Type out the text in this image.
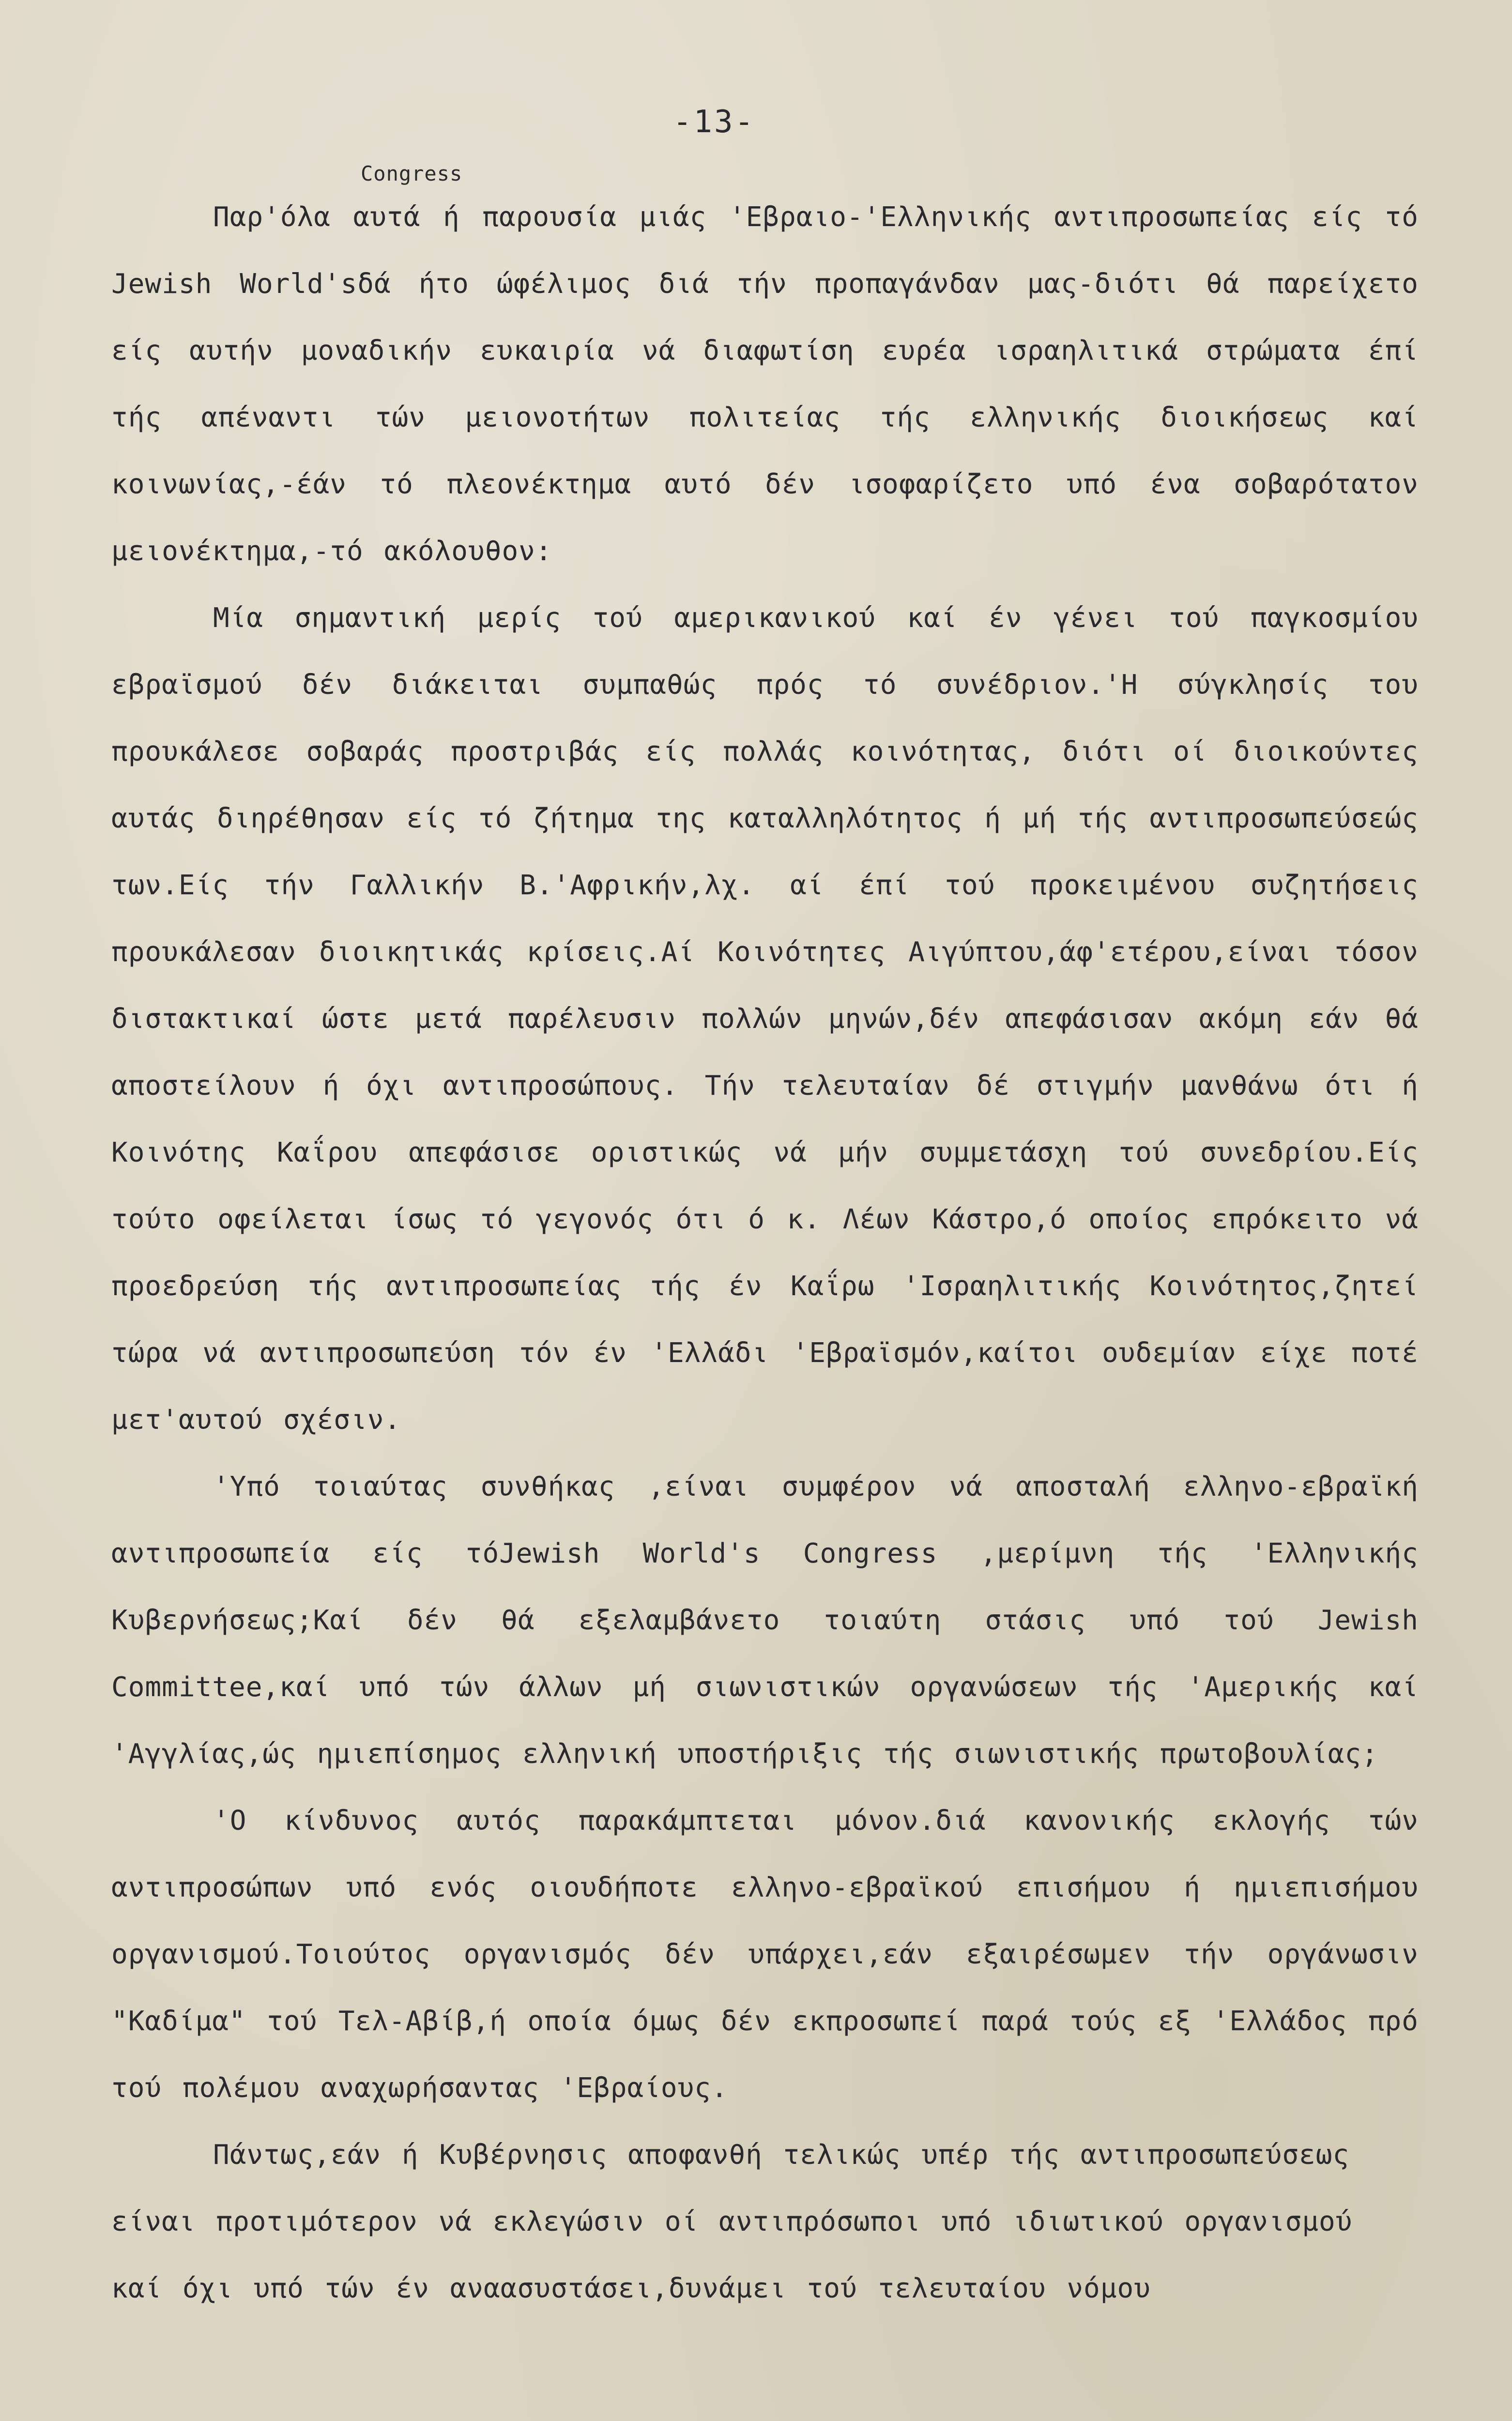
-13-
Congress

Παρ'όλα αυτά ή παρουσία μιάς 'Εβραιο-'Ελληνικής αντιπροσωπείας είς τό Jewish World'sδά ήτο ώφέλιμος διά τήν προπαγάνδαν μας-διότι θά παρείχετο είς αυτήν μοναδικήν ευκαιρία νά διαφωτίση ευρέα ισραηλιτικά στρώματα έπί τής απέναντι τών μειονοτήτων πολιτείας τής ελληνικής διοικήσεως καί κοινωνίας,-έάν τό πλεονέκτημα αυτό δέν ισοφαρίζετο υπό ένα σοβαρότατον μειονέκτημα,-τό ακόλουθον:

Μία σημαντική μερίς τού αμερικανικού καί έν γένει τού παγκοσμίου εβραϊσμού δέν διάκειται συμπαθώς πρός τό συνέδριον.'Η σύγκλησίς του προυκάλεσε σοβαράς προστριβάς είς πολλάς κοινότητας, διότι οί διοικούντες αυτάς διηρέθησαν είς τό ζήτημα της καταλληλότητος ή μή τής αντιπροσωπεύσεώς των.Είς τήν Γαλλικήν Β.'Αφρικήν,λχ. αί έπί τού προκειμένου συζητήσεις προυκάλεσαν διοικητικάς κρίσεις.Αί Κοινότητες Αιγύπτου,άφ'ετέρου,είναι τόσον διστακτικαί ώστε μετά παρέλευσιν πολλών μηνών,δέν απεφάσισαν ακόμη εάν θά αποστείλουν ή όχι αντιπροσώπους. Τήν τελευταίαν δέ στιγμήν μανθάνω ότι ή Κοινότης Καΐρου απεφάσισε οριστικώς νά μήν συμμετάσχη τού συνεδρίου.Είς τούτο οφείλεται ίσως τό γεγονός ότι ό κ. Λέων Κάστρο,ό οποίος επρόκειτο νά προεδρεύση τής αντιπροσωπείας τής έν Καΐρω 'Ισραηλιτικής Κοινότητος,ζητεί τώρα νά αντιπροσωπεύση τόν έν 'Ελλάδι 'Εβραϊσμόν,καίτοι ουδεμίαν είχε ποτέ μετ'αυτού σχέσιν.

'Υπό τοιαύτας συνθήκας ,είναι συμφέρον νά αποσταλή ελληνο-εβραϊκή αντιπροσωπεία είς τόJewish World's Congress ,μερίμνη τής 'Ελληνικής Κυβερνήσεως;Καί δέν θά εξελαμβάνετο τοιαύτη στάσις υπό τού Jewish Committee,καί υπό τών άλλων μή σιωνιστικών οργανώσεων τής 'Αμερικής καί 'Αγγλίας,ώς ημιεπίσημος ελληνική υποστήριξις τής σιωνιστικής πρωτοβουλίας;

'Ο κίνδυνος αυτός παρακάμπτεται μόνον.διά κανονικής εκλογής τών αντιπροσώπων υπό ενός οιουδήποτε ελληνο-εβραϊκού επισήμου ή ημιεπισήμου οργανισμού.Τοιούτος οργανισμός δέν υπάρχει,εάν εξαιρέσωμεν τήν οργάνωσιν "Καδίμα" τού Τελ-Αβίβ,ή οποία όμως δέν εκπροσωπεί παρά τούς εξ 'Ελλάδος πρό τού πολέμου αναχωρήσαντας 'Εβραίους.

Πάντως,εάν ή Κυβέρνησις αποφανθή τελικώς υπέρ τής αντιπροσωπεύσεως είναι προτιμότερον νά εκλεγώσιν οί αντιπρόσωποι υπό ιδιωτικού οργανισμού καί όχι υπό τών έν αναασυστάσει,δυνάμει τού τελευταίου νόμου
